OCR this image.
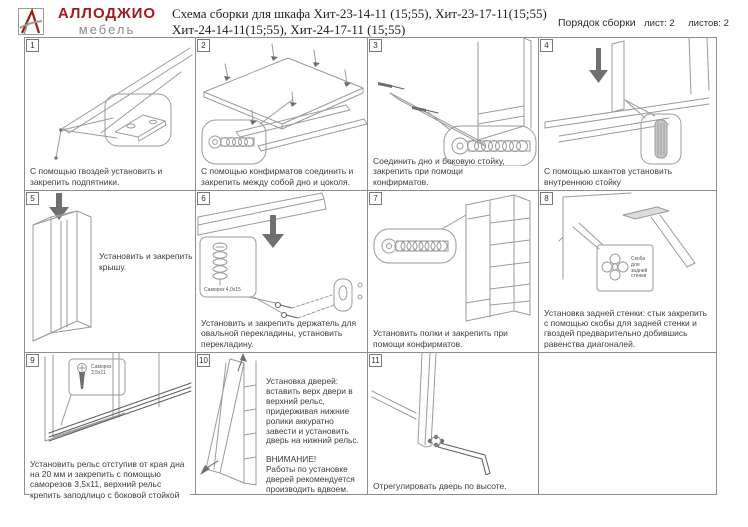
АЛЛОДЖИО
мебель
Схема сборки для шкафа Хит-23-14-11 (15;55), Хит-23-17-11(15;55)
Хит-24-14-11(15;55), Хит-24-17-11 (15;55)	Порядок сборки лист: 2 листов: 2
1
С помощью гвоздей установить и закрепить подпятники.
2
С помощью конфирматов соединить и закрепить между собой дно и цоколя.
3
Соединить дно и боковую стойку, закрепить при помощи конфирматов.
4
С помощью шкантов установить внутреннюю стойку
5
Установить и закрепить крышу.
6
Саморез 4,0х15
Установить и закрепить держатель для овальной перекладины, установить перекладину.
7
Установить полки и закрепить при помощи конфирматов.
8
Скоба для задней стенки
Установка задней стенки: стык закрепить с помощью скобы для задней стенки и гвоздей предварительно добившись равенства диагоналей.
9
Саморез 3,5х11
Установить рельс отступив от края дна на 20 мм и закрепить с помощью саморезов 3,5х11, верхний рельс крепить заподлицо с боковой стойкой
10
Установка дверей: вставить верх двери в верхний рельс, придерживая нижние ролики аккуратно завести и установить дверь на нижний рельс.
ВНИМАНИЕ!
Работы по установке дверей рекомендуется производить вдвоем.
11
Отрегулировать дверь по высоте.
